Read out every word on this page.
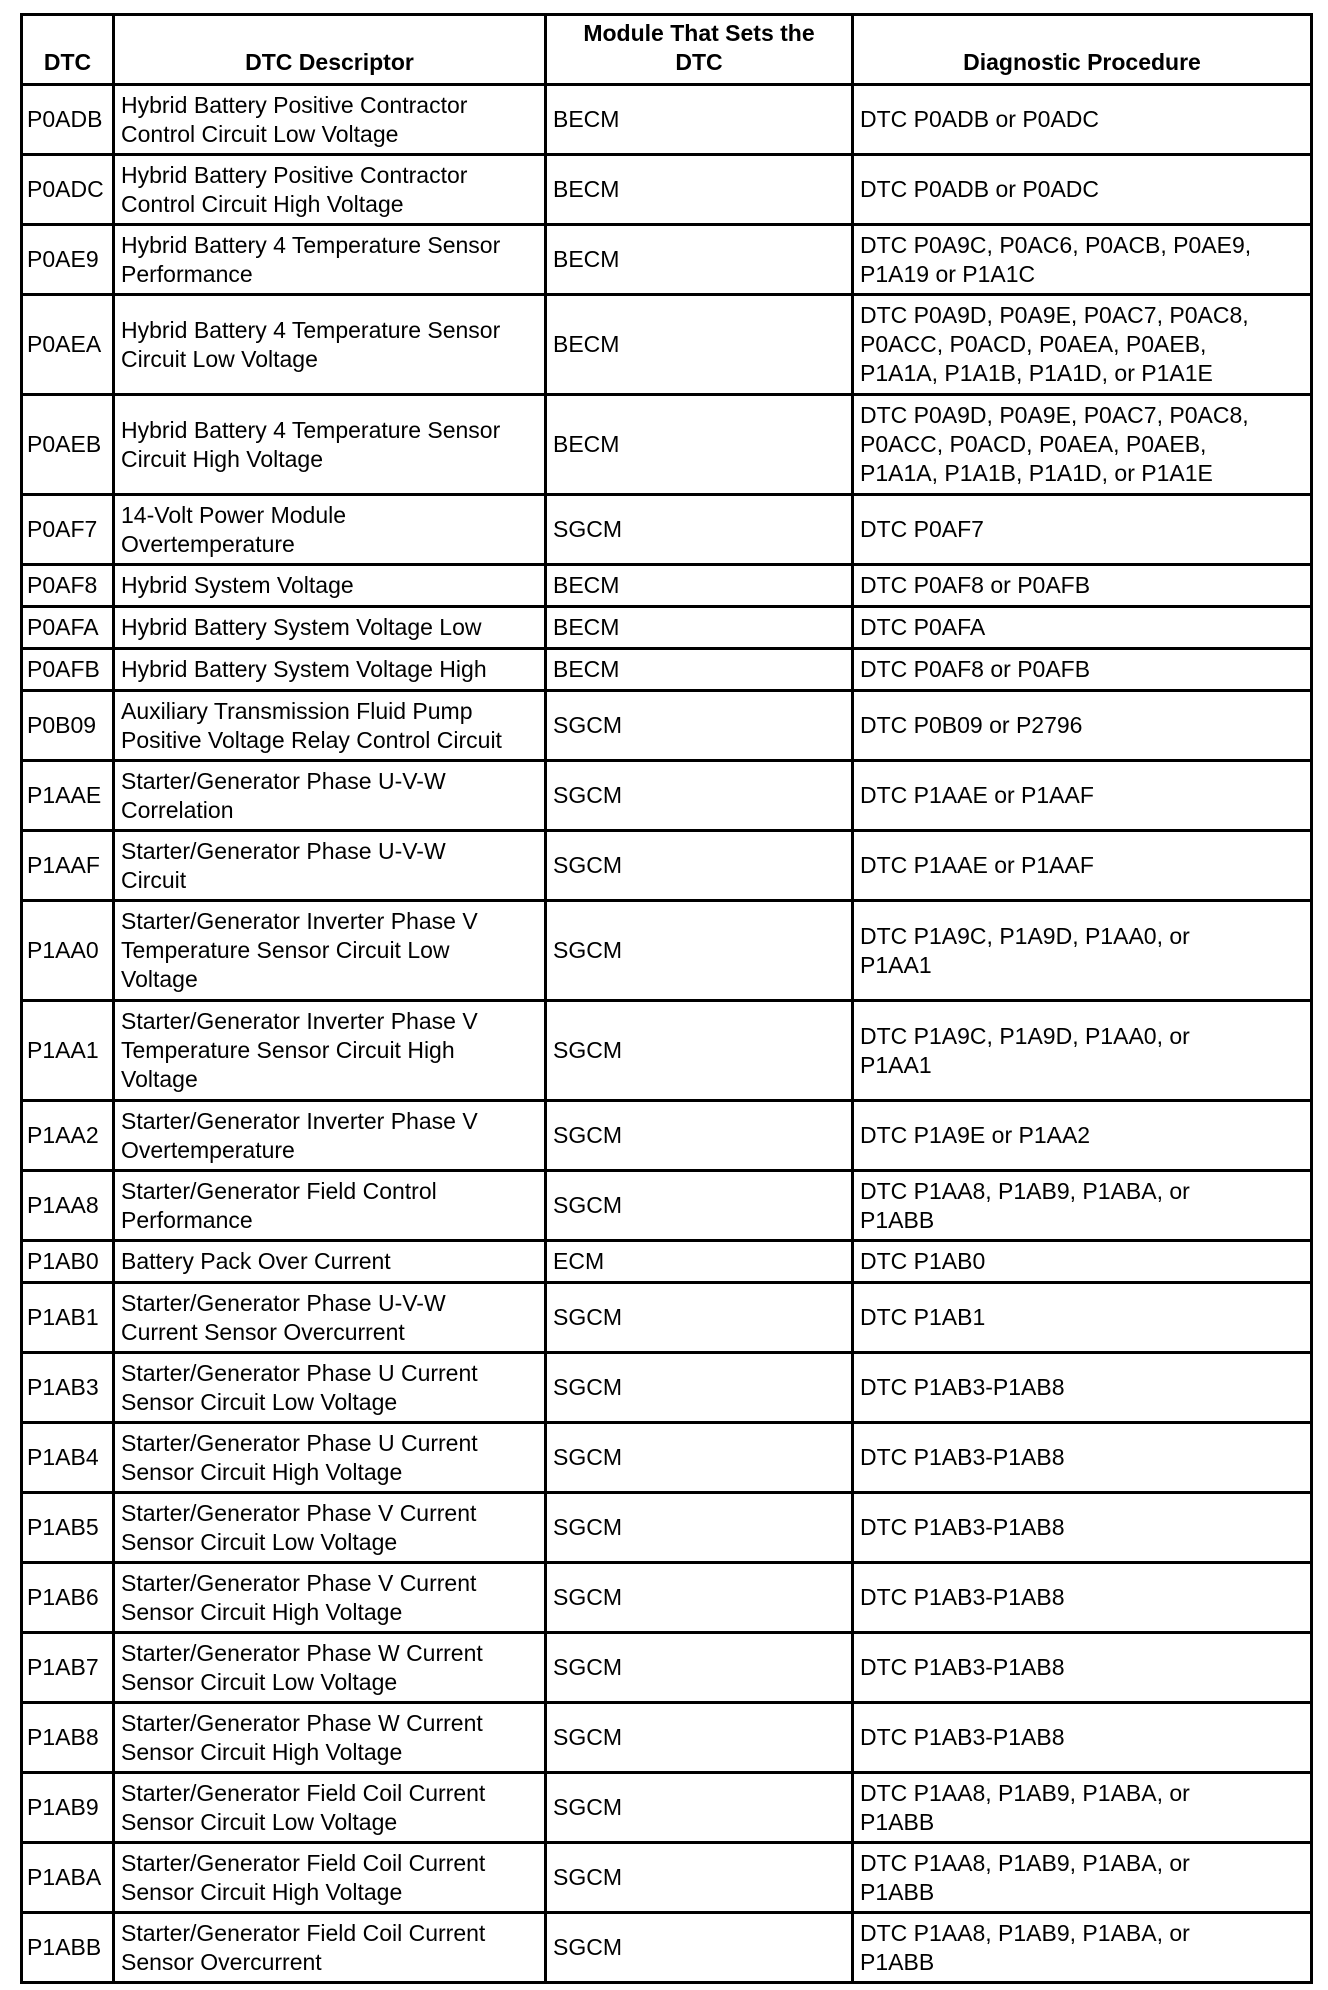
DTC	DTC Descriptor	Module That Sets the DTC	Diagnostic Procedure
P0ADB	Hybrid Battery Positive Contractor
Control Circuit Low Voltage	BECM	DTC P0ADB or P0ADC
P0ADC	Hybrid Battery Positive Contractor
Control Circuit High Voltage	BECM	DTC P0ADB or P0ADC
P0AE9	Hybrid Battery 4 Temperature Sensor
Performance	BECM	DTC P0A9C, P0AC6, P0ACB, P0AE9,
P1A19 or P1A1C
P0AEA	Hybrid Battery 4 Temperature Sensor
Circuit Low Voltage	BECM	DTC P0A9D, P0A9E, P0AC7, P0AC8,
P0ACC, P0ACD, P0AEA, P0AEB,
P1A1A, P1A1B, P1A1D, or P1A1E
P0AEB	Hybrid Battery 4 Temperature Sensor
Circuit High Voltage	BECM	DTC P0A9D, P0A9E, P0AC7, P0AC8,
P0ACC, P0ACD, P0AEA, P0AEB,
P1A1A, P1A1B, P1A1D, or P1A1E
P0AF7	14-Volt Power Module
Overtemperature	SGCM	DTC P0AF7
P0AF8	Hybrid System Voltage	BECM	DTC P0AF8 or P0AFB
P0AFA	Hybrid Battery System Voltage Low	BECM	DTC P0AFA
P0AFB	Hybrid Battery System Voltage High	BECM	DTC P0AF8 or P0AFB
P0B09	Auxiliary Transmission Fluid Pump
Positive Voltage Relay Control Circuit	SGCM	DTC P0B09 or P2796
P1AAE	Starter/Generator Phase U-V-W
Correlation	SGCM	DTC P1AAE or P1AAF
P1AAF	Starter/Generator Phase U-V-W
Circuit	SGCM	DTC P1AAE or P1AAF
P1AA0	Starter/Generator Inverter Phase V
Temperature Sensor Circuit Low
Voltage	SGCM	DTC P1A9C, P1A9D, P1AA0, or
P1AA1
P1AA1	Starter/Generator Inverter Phase V
Temperature Sensor Circuit High
Voltage	SGCM	DTC P1A9C, P1A9D, P1AA0, or
P1AA1
P1AA2	Starter/Generator Inverter Phase V
Overtemperature	SGCM	DTC P1A9E or P1AA2
P1AA8	Starter/Generator Field Control
Performance	SGCM	DTC P1AA8, P1AB9, P1ABA, or
P1ABB
P1AB0	Battery Pack Over Current	ECM	DTC P1AB0
P1AB1	Starter/Generator Phase U-V-W
Current Sensor Overcurrent	SGCM	DTC P1AB1
P1AB3	Starter/Generator Phase U Current
Sensor Circuit Low Voltage	SGCM	DTC P1AB3-P1AB8
P1AB4	Starter/Generator Phase U Current
Sensor Circuit High Voltage	SGCM	DTC P1AB3-P1AB8
P1AB5	Starter/Generator Phase V Current
Sensor Circuit Low Voltage	SGCM	DTC P1AB3-P1AB8
P1AB6	Starter/Generator Phase V Current
Sensor Circuit High Voltage	SGCM	DTC P1AB3-P1AB8
P1AB7	Starter/Generator Phase W Current
Sensor Circuit Low Voltage	SGCM	DTC P1AB3-P1AB8
P1AB8	Starter/Generator Phase W Current
Sensor Circuit High Voltage	SGCM	DTC P1AB3-P1AB8
P1AB9	Starter/Generator Field Coil Current
Sensor Circuit Low Voltage	SGCM	DTC P1AA8, P1AB9, P1ABA, or
P1ABB
P1ABA	Starter/Generator Field Coil Current
Sensor Circuit High Voltage	SGCM	DTC P1AA8, P1AB9, P1ABA, or
P1ABB
P1ABB	Starter/Generator Field Coil Current
Sensor Overcurrent	SGCM	DTC P1AA8, P1AB9, P1ABA, or
P1ABB
